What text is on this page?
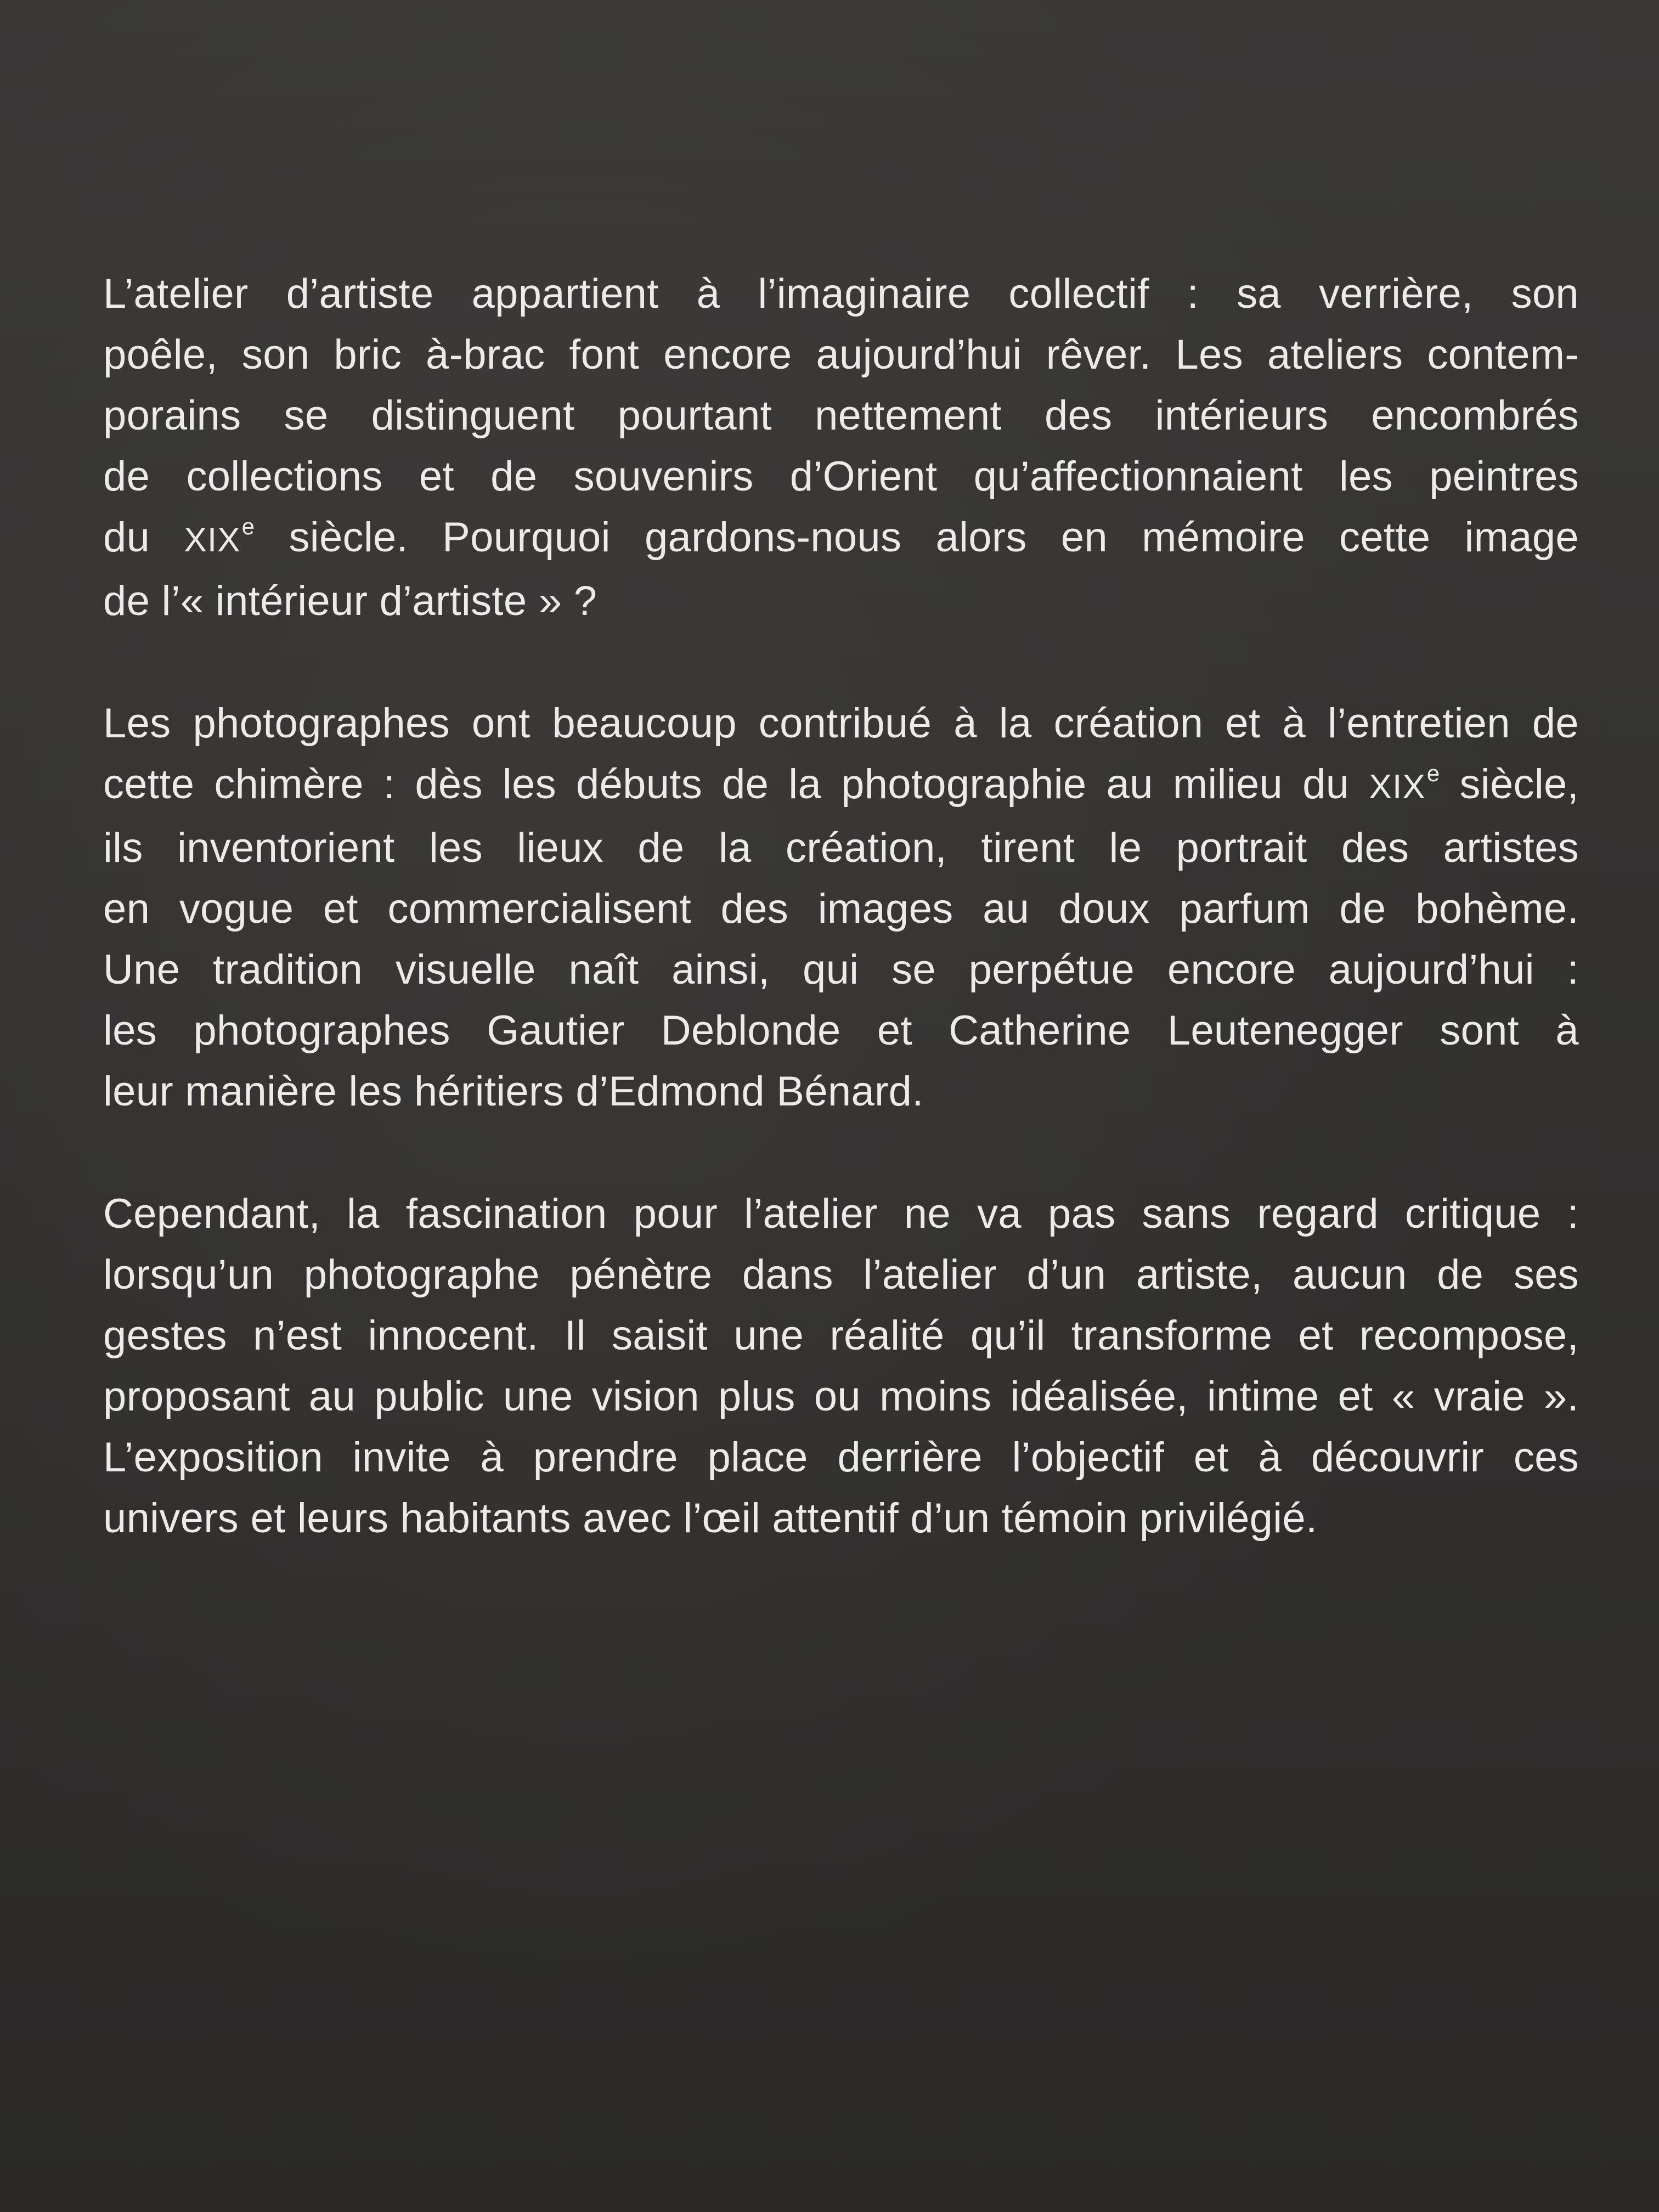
L’atelier d’artiste appartient à l’imaginaire collectif : sa verrière, son
poêle, son bric à-brac font encore aujourd’hui rêver. Les ateliers contem-
porains se distinguent pourtant nettement des intérieurs encombrés
de collections et de souvenirs d’Orient qu’affectionnaient les peintres
du XIXe siècle. Pourquoi gardons-nous alors en mémoire cette image
de l’« intérieur d’artiste » ?

Les photographes ont beaucoup contribué à la création et à l’entretien de
cette chimère : dès les débuts de la photographie au milieu du XIXe siècle,
ils inventorient les lieux de la création, tirent le portrait des artistes
en vogue et commercialisent des images au doux parfum de bohème.
Une tradition visuelle naît ainsi, qui se perpétue encore aujourd’hui :
les photographes Gautier Deblonde et Catherine Leutenegger sont à
leur manière les héritiers d’Edmond Bénard.

Cependant, la fascination pour l’atelier ne va pas sans regard critique :
lorsqu’un photographe pénètre dans l’atelier d’un artiste, aucun de ses
gestes n’est innocent. Il saisit une réalité qu’il transforme et recompose,
proposant au public une vision plus ou moins idéalisée, intime et « vraie ».
L’exposition invite à prendre place derrière l’objectif et à découvrir ces
univers et leurs habitants avec l’œil attentif d’un témoin privilégié.
